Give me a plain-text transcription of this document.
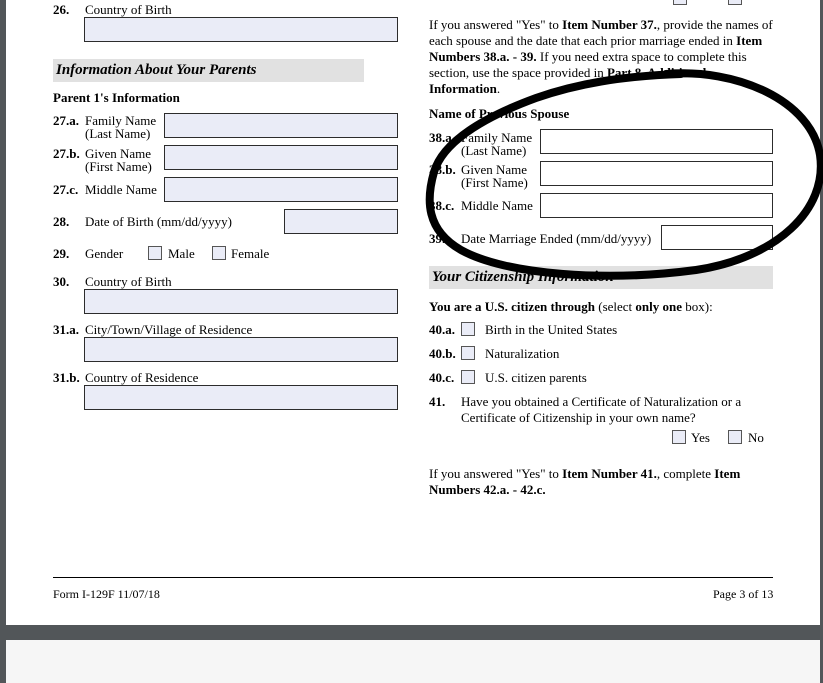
26. Country of Birth
Information About Your Parents
Parent 1's Information
27.a. Family Name
(Last Name)
27.b. Given Name
(First Name)
27.c. Middle Name
28. Date of Birth (mm/dd/yyyy)
29. Gender	Male	Female
30. Country of Birth
31.a. City/Town/Village of Residence
31.b. Country of Residence
If you answered "Yes" to Item Number 37., provide the names of each spouse and the date that each prior marriage ended in Item Numbers 38.a. - 39. If you need extra space to complete this section, use the space provided in Part 8. Additional Information.
Name of Previous Spouse
38.a. Family Name
(Last Name)
38.b. Given Name
(First Name)
38.c. Middle Name
39. Date Marriage Ended (mm/dd/yyyy)
Your Citizenship Information
You are a U.S. citizen through (select only one box):
40.a. Birth in the United States
40.b. Naturalization
40.c. U.S. citizen parents
41. Have you obtained a Certificate of Naturalization or a
Certificate of Citizenship in your own name?
Yes	No
If you answered "Yes" to Item Number 41., complete Item Numbers 42.a. - 42.c.
Form I-129F 11/07/18	Page 3 of 13
